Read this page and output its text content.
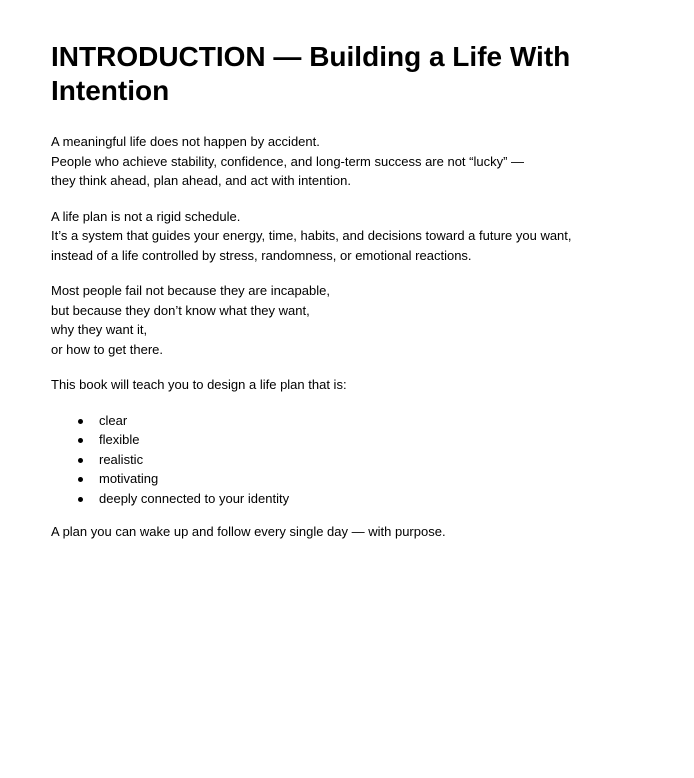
INTRODUCTION — Building a Life With Intention

A meaningful life does not happen by accident.
People who achieve stability, confidence, and long-term success are not “lucky” —
they think ahead, plan ahead, and act with intention.

A life plan is not a rigid schedule.
It’s a system that guides your energy, time, habits, and decisions toward a future you want,
instead of a life controlled by stress, randomness, or emotional reactions.

Most people fail not because they are incapable,
but because they don’t know what they want,
why they want it,
or how to get there.

This book will teach you to design a life plan that is:

clear
flexible
realistic
motivating
deeply connected to your identity

A plan you can wake up and follow every single day — with purpose.
